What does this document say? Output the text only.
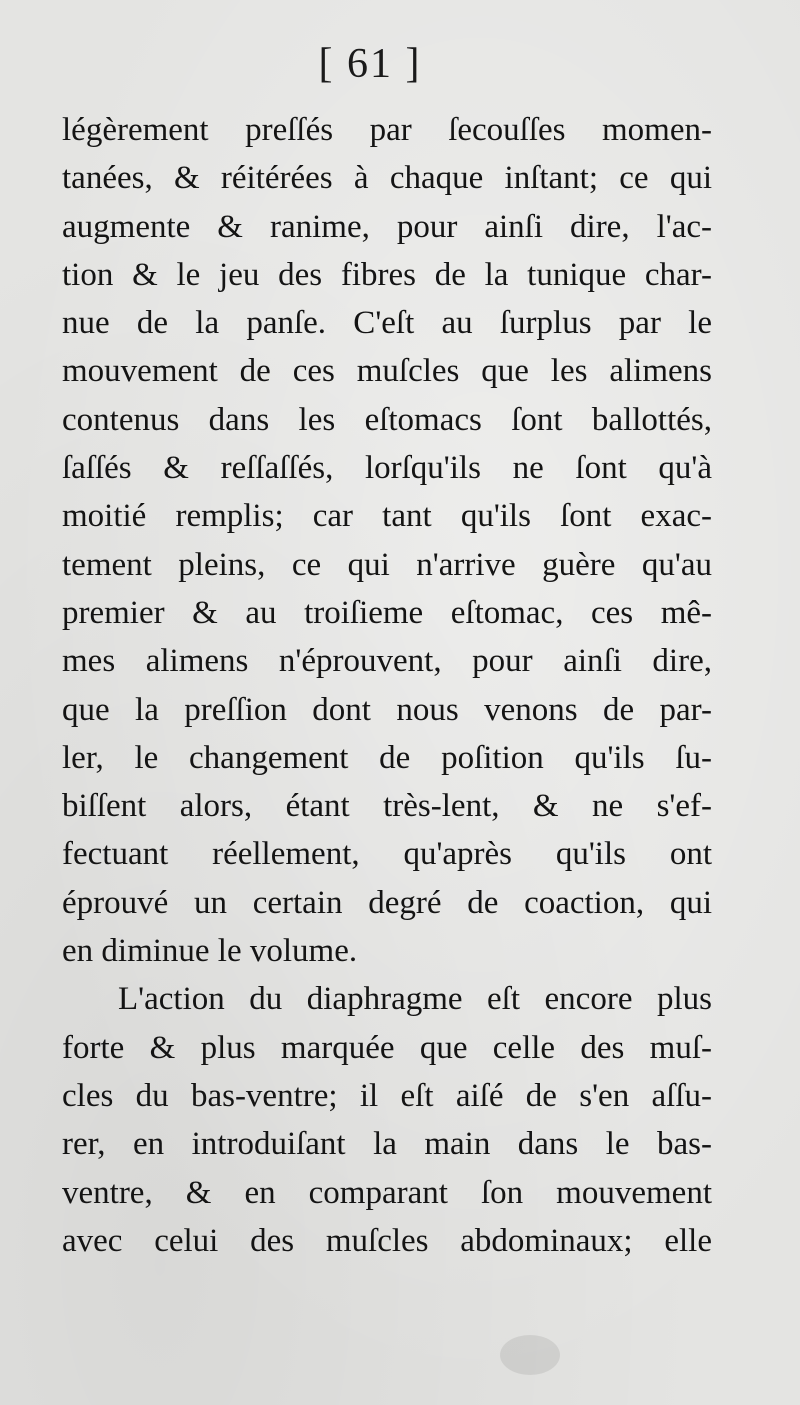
[ 61 ]
légèrement preſſés par ſecouſſes momen-
tanées, & réitérées à chaque inſtant; ce qui
augmente & ranime, pour ainſi dire, l'ac-
tion & le jeu des fibres de la tunique char-
nue de la panſe. C'eſt au ſurplus par le
mouvement de ces muſcles que les alimens
contenus dans les eſtomacs ſont ballottés,
ſaſſés & reſſaſſés, lorſqu'ils ne ſont qu'à
moitié remplis; car tant qu'ils ſont exac-
tement pleins, ce qui n'arrive guère qu'au
premier & au troiſieme eſtomac, ces mê-
mes alimens n'éprouvent, pour ainſi dire,
que la preſſion dont nous venons de par-
ler, le changement de poſition qu'ils ſu-
biſſent alors, étant très-lent, & ne s'ef-
fectuant réellement, qu'après qu'ils ont
éprouvé un certain degré de coaction, qui
en diminue le volume.
L'action du diaphragme eſt encore plus
forte & plus marquée que celle des muſ-
cles du bas-ventre; il eſt aiſé de s'en aſſu-
rer, en introduiſant la main dans le bas-
ventre, & en comparant ſon mouvement
avec celui des muſcles abdominaux; elle
